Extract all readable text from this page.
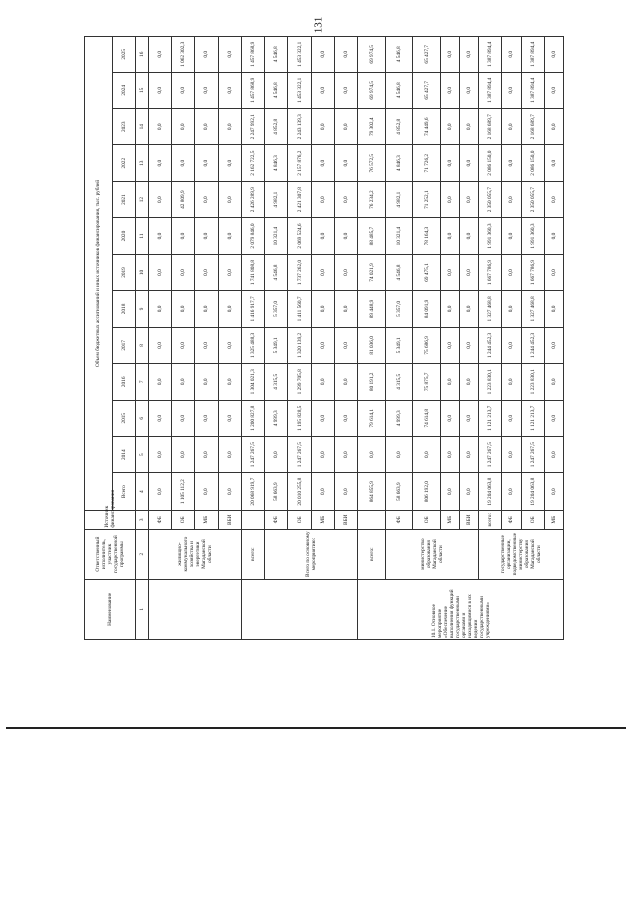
131
Наименование	Ответственный исполнитель, участник государственной программы	Источник финансирования	Объем бюджетных ассигнований и иных источников финансирования, тыс. рублей												
			Всего	2014	2015	2016	2017	2018	2019	2020	2021	2022	2023	2024	2025
1	2	3	4	5	6	7	8	9	10	11	12	13	14	15	16
	жилищно-коммунального хозяйства и энергетики Магаданской области	ФБ	0,0	0,0	0,0	0,0	0,0	0,0	0,0	0,0	0,0	0,0	0,0	0,0	0,0
		ОБ	1 105 112,2	0,0	0,0	0,0	0,0	0,0	0,0	0,0	42 809,9	0,0	0,0	0,0	1 062 302,3
		МБ	0,0	0,0	0,0	0,0	0,0	0,0	0,0	0,0	0,0	0,0	0,0	0,0	0,0
		ВБИ	0,0	0,0	0,0	0,0	0,0	0,0	0,0	0,0	0,0	0,0	0,0	0,0	0,0
	всего:		20 068 919,7	1 247 267,5	1 200 827,8	1 304 021,3	1 325 488,3	1 416 917,7	1 741 808,8	2 079 846,0	2 426 289,9	2 162 722,5	2 247 992,1	1 457 868,9	1 457 868,9
	Всего по основному мероприятию:	ФБ	58 663,9	0,0	4 999,3	4 315,5	5 349,1	5 357,0	4 546,8	10 321,4	4 982,1	4 846,3	4 852,8	4 546,8	4 546,8
		ОБ	20 010 255,8	1 247 267,5	1 195 828,5	1 299 705,8	1 320 139,2	1 411 560,7	1 737 262,0	2 069 524,6	2 421 307,8	2 157 876,2	2 243 139,3	1 453 322,1	1 453 322,1
		МБ	0,0	0,0	0,0	0,0	0,0	0,0	0,0	0,0	0,0	0,0	0,0	0,0	0,0
		ВБИ	0,0	0,0	0,0	0,0	0,0	0,0	0,0	0,0	0,0	0,0	0,0	0,0	0,0
10.1. Основное мероприятие «Обеспечение выполнения функций государственными органами и находящимися в их ведении государственными учреждениями»	всего:		864 855,9	0,0	79 614,1	80 191,2	81 036,0	89 448,9	74 021,9	88 485,7	76 234,2	76 572,5	79 302,4	69 974,5	69 974,5
	министерство образования Магаданской области	ФБ	58 663,9	0,0	4 999,3	4 315,5	5 349,1	5 357,0	4 546,8	10 321,4	4 982,1	4 846,3	4 852,8	4 546,8	4 546,8
		ОБ	806 192,0	0,0	74 614,8	75 875,7	75 686,9	84 091,9	69 475,1	78 164,3	71 252,1	71 726,2	74 449,6	65 427,7	65 427,7
		МБ	0,0	0,0	0,0	0,0	0,0	0,0	0,0	0,0	0,0	0,0	0,0	0,0	0,0
		ВБИ	0,0	0,0	0,0	0,0	0,0	0,0	0,0	0,0	0,0	0,0	0,0	0,0	0,0
	государственные организации, подведомственные министерству образования Магаданской области	всего:	19 204 063,8	1 247 267,5	1 121 213,7	1 223 830,1	1 244 452,3	1 327 468,8	1 667 786,9	1 991 360,3	2 350 055,7	2 086 150,0	2 168 689,7	1 387 894,4	1 387 894,4
		ФБ	0,0	0,0	0,0	0,0	0,0	0,0	0,0	0,0	0,0	0,0	0,0	0,0	0,0
		ОБ	19 204 063,8	1 247 267,5	1 121 213,7	1 223 830,1	1 244 452,3	1 327 468,8	1 667 786,9	1 991 360,3	2 350 055,7	2 086 150,0	2 168 689,7	1 387 894,4	1 387 894,4
		МБ	0,0	0,0	0,0	0,0	0,0	0,0	0,0	0,0	0,0	0,0	0,0	0,0	0,0
